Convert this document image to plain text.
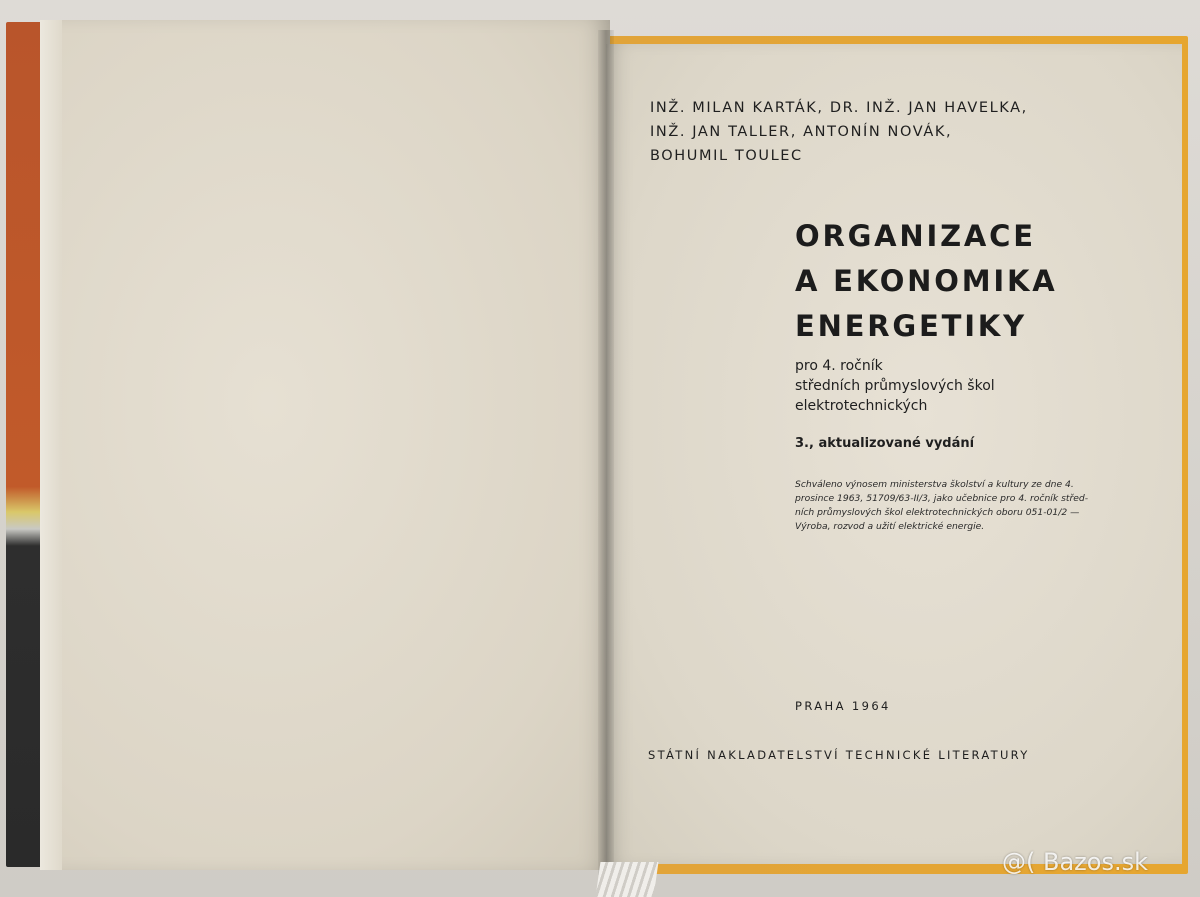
INŽ. MILAN KARTÁK, DR. INŽ. JAN HAVELKA,
INŽ. JAN TALLER, ANTONÍN NOVÁK,
BOHUMIL TOULEC
ORGANIZACE
A EKONOMIKA
ENERGETIKY
pro 4. ročník
středních průmyslových škol
elektrotechnických
3., aktualizované vydání
Schváleno výnosem ministerstva školství a kultury ze dne 4.
prosince 1963, 51709/63-II/3, jako učebnice pro 4. ročník střed-
ních průmyslových škol elektrotechnických oboru 051-01/2 —
Výroba, rozvod a užití elektrické energie.
PRAHA 1964
STÁTNÍ NAKLADATELSTVÍ TECHNICKÉ LITERATURY
@( Bazos.sk
